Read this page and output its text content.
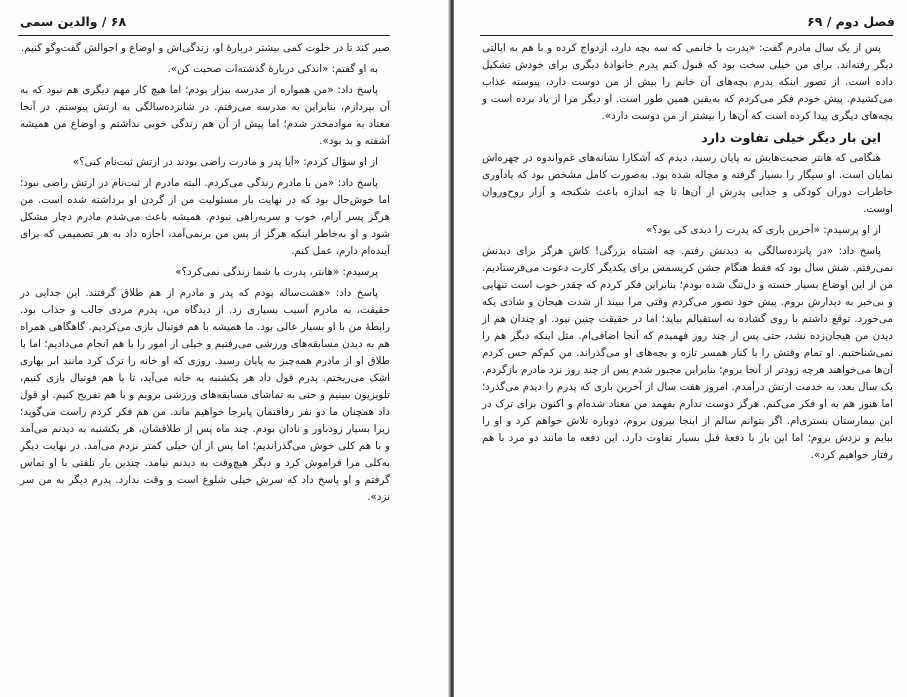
۶۸ / والدین سمی

صبر کند تا در خلوت کمی بیشتر دربارهٔ او، زندگی‌اش و اوضاع و احوالش گفت‌وگو کنیم.

به او گفتم: «اندکی دربارهٔ گذشته‌ات صحبت کن».

پاسخ داد: «من همواره از مدرسه بیزار بودم؛ اما هیچ کار مهم دیگری هم نبود که به آن بپردازم، بنابراین به مدرسه می‌رفتم. در شانزده‌سالگی به ارتش پیوستم. در آنجا معتاد به موادمخدر شدم؛ اما پیش از آن هم زندگی خوبی نداشتم و اوضاع من همیشه آشفته و بد بود».

از او سؤال کردم: «آیا پدر و مادرت راضی بودند در ارتش ثبت‌نام کنی؟»

پاسخ داد: «من با مادرم زندگی می‌کردم. البته مادرم از ثبت‌نام در ارتش راضی نبود؛ اما خوش‌حال بود که در نهایت بار مسئولیت من از گردن او برداشته شده است. من هرگز پسر آرام، خوب و سربه‌راهی نبودم. همیشه باعث می‌شدم مادرم دچار مشکل شود و او به‌خاطر اینکه هرگز از پس من برنمی‌آمد، اجازه داد به هر تصمیمی که برای آینده‌ام دارم، عمل کنم.

پرسیدم: «هانتر، پدرت با شما زندگی نمی‌کرد؟»

پاسخ داد: «هشت‌ساله بودم که پدر و مادرم از هم طلاق گرفتند. این جدایی در حقیقت، به مادرم آسیب بسیاری زد. از دیدگاه من، پدرم مردی جالب و جذاب بود. رابطهٔ من با او بسیار عالی بود. ما همیشه با هم فوتبال بازی می‌کردیم. گاهگاهی همراه هم به دیدن مسابقه‌های ورزشی می‌رفتیم و خیلی از امور را با هم انجام می‌دادیم؛ اما با طلاق او از مادرم همه‌چیز به پایان رسید. روزی که او خانه را ترک کرد مانند ابر بهاری اشک می‌ریختم. پدرم قول داد هر یکشنبه به خانه می‌آید، تا با هم فوتبال بازی کنیم، تلویزیون ببینیم و حتی به تماشای مسابقه‌های ورزشی برویم و با هم تفریح کنیم. او قول داد همچنان ما دو نفر رفاقتمان پابرجا خواهیم ماند. من هم فکر کردم راست می‌گوید؛ زیرا بسیار زودباور و نادان بودم. چند ماه پس از طلاقشان، هر یکشنبه به دیدنم می‌آمد و با هم کلی خوش می‌گذراندیم؛ اما پس از آن خیلی کمتر نزدم می‌آمد. در نهایت دیگر به‌کلی مرا فراموش کرد و دیگر هیچ‌وقت به دیدنم نیامد. چندین بار تلفنی با او تماس گرفتم و او پاسخ داد که سرش خیلی شلوغ است و وقت ندارد. پدرم دیگر به من سر نزد».

فصل دوم / ۶۹

پس از یک سال مادرم گفت: «پدرت با خانمی که سه بچه دارد، ازدواج کرده و با هم به ایالتی دیگر رفته‌اند. برای من خیلی سخت بود که قبول کنم پدرم خانوادهٔ دیگری برای خودش تشکیل داده است. از تصور اینکه پدرم بچه‌های آن خانم را بیش از من دوست دارد، پیوسته عذاب می‌کشیدم. پیش خودم فکر می‌کردم که به‌یقین همین طور است. او دیگر مرا از یاد برده است و بچه‌های دیگری پیدا کرده است که آن‌ها را بیشتر از من دوست دارد».

این بار دیگر خیلی تفاوت دارد

هنگامی که هانتر صحبت‌هایش به پایان رسید، دیدم که آشکارا نشانه‌های غم‌واندوه در چهره‌اش نمایان است. او سیگار را بسیار گرفته و مچاله شده بود. به‌صورت کامل مشخص بود که یادآوری خاطرات دوران کودکی و جدایی پدرش از آن‌ها تا چه اندازه باعث شکنجه و آزار روح‌وروان اوست.

از او پرسیدم: «آخرین باری که پدرت را دیدی کی بود؟»

پاسخ داد: «در پانزده‌سالگی به دیدنش رفتم. چه اشتباه بزرگی! کاش هرگز برای دیدنش نمی‌رفتم. شش سال بود که فقط هنگام جشن کریسمس برای یکدیگر کارت دعوت می‌فرستادیم. من از این اوضاع بسیار خسته و دل‌تنگ شده بودم؛ بنابراین فکر کردم که چقدر خوب است تنهایی و بی‌خبر به دیدارش بروم. پیش خود تصور می‌کردم وقتی مرا ببیند از شدت هیجان و شادی یکه می‌خورد. توقع داشتم با روی گشاده به استقبالم بیاید؛ اما در حقیقت چنین نبود. او چندان هم از دیدن من هیجان‌زده نشد، حتی پس از چند روز فهمیدم که آنجا اضافی‌ام. مثل اینکه دیگر هم را نمی‌شناختیم. او تمام وقتش را با کنار همسر تازه و بچه‌های او می‌گذراند. من کم‌کم حس کردم آن‌ها می‌خواهند هرچه زودتر از آنجا بروم؛ بنابراین مجبور شدم پس از چند روز نزد مادرم بازگردم. یک سال بعد، به خدمت ارتش درآمدم. امروز هفت سال از آخرین باری که پدرم را دیدم می‌گذرد؛ اما هنوز هم به او فکر می‌کنم. هرگز دوست ندارم بفهمد من معتاد شده‌ام و اکنون برای ترک در این بیمارستان بستری‌ام. اگر بتوانم سالم از اینجا بیرون بروم، دوباره تلاش خواهم کرد و او را ببایم و نزدش بروم؛ اما این بار با دفعهٔ قبل بسیار تفاوت دارد. این دفعه ما مانند دو مرد با هم رفتار خواهیم کرد».
